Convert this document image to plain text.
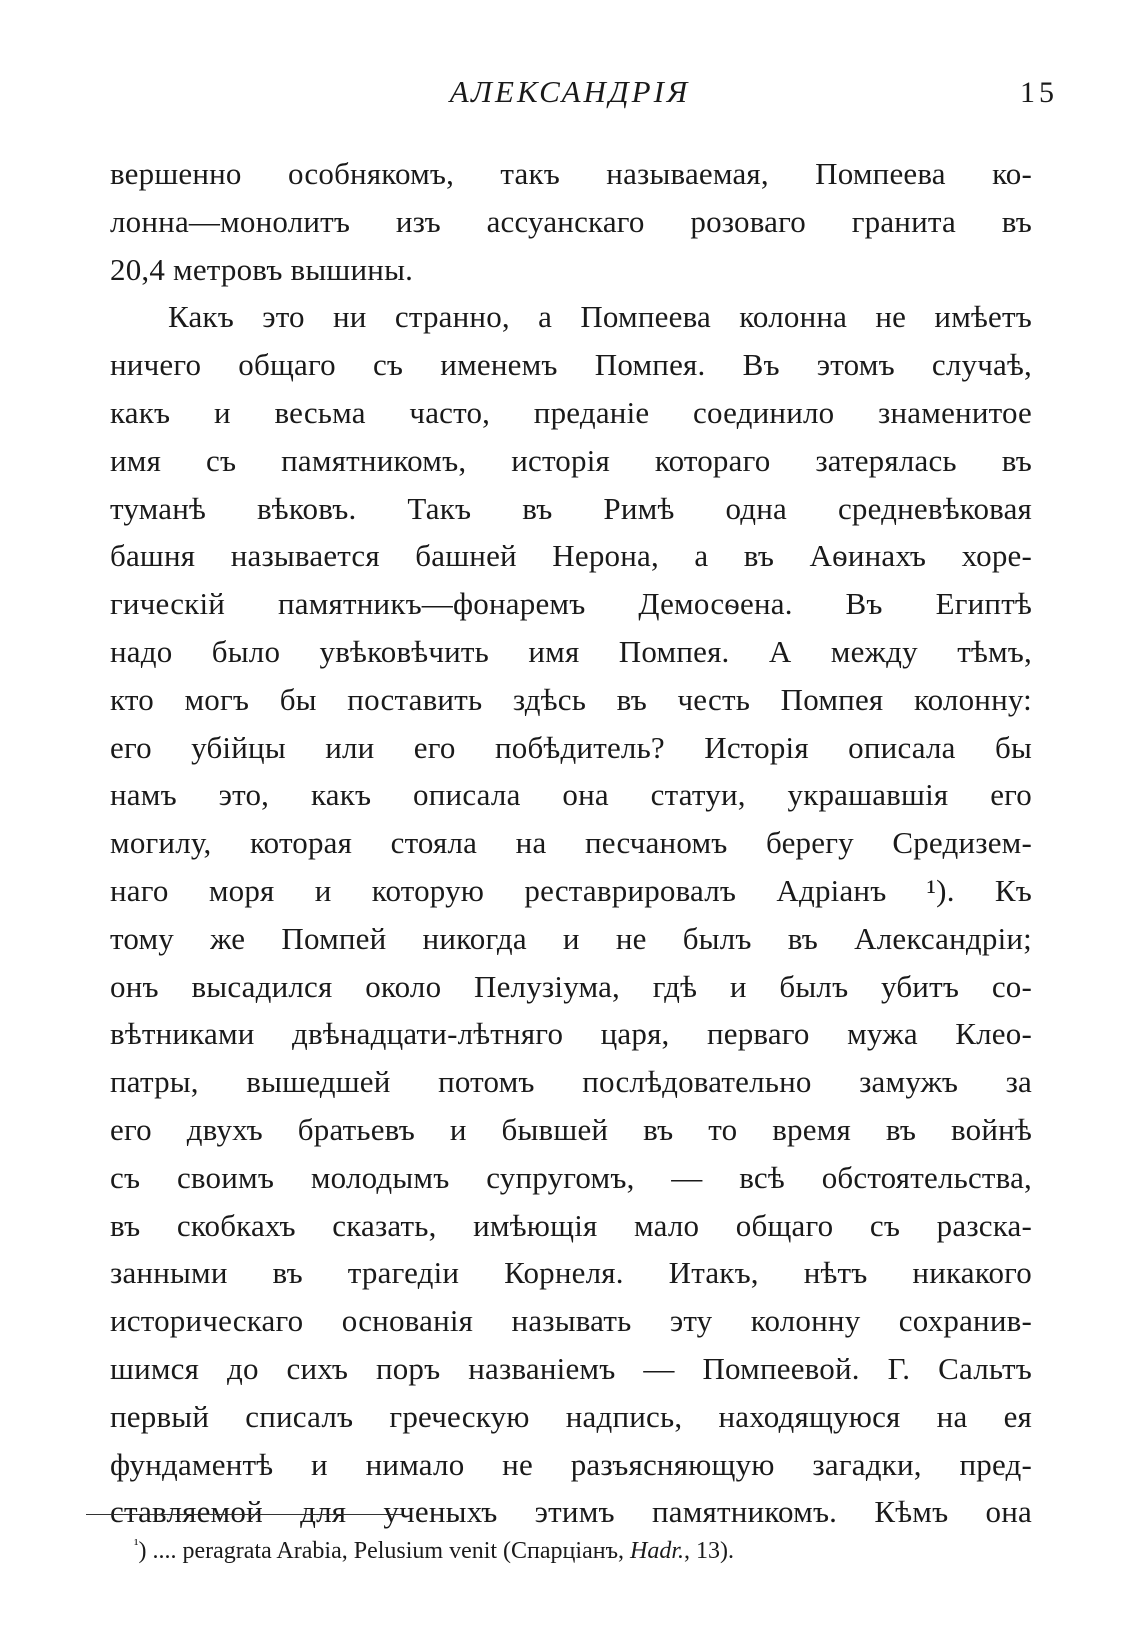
АЛЕКСАНДРІЯ	15
вершенно особнякомъ, такъ называемая, Помпеева ко-
лонна—монолитъ изъ ассуанскаго розоваго гранита въ
20,4 метровъ вышины.
Какъ это ни странно, а Помпеева колонна не имѣетъ
ничего общаго съ именемъ Помпея. Въ этомъ случаѣ,
какъ и весьма часто, преданіе соединило знаменитое
имя съ памятникомъ, исторія котораго затерялась въ
туманѣ вѣковъ. Такъ въ Римѣ одна средневѣковая
башня называется башней Нерона, а въ Аѳинахъ хоре-
гическій памятникъ—фонаремъ Демосѳена. Въ Египтѣ
надо было увѣковѣчить имя Помпея. А между тѣмъ,
кто могъ бы поставить здѣсь въ честь Помпея колонну:
его убійцы или его побѣдитель? Исторія описала бы
намъ это, какъ описала она статуи, украшавшія его
могилу, которая стояла на песчаномъ берегу Средизем-
наго моря и которую реставрировалъ Адріанъ ¹). Къ
тому же Помпей никогда и не былъ въ Александріи;
онъ высадился около Пелузіума, гдѣ и былъ убитъ со-
вѣтниками двѣнадцати-лѣтняго царя, перваго мужа Клео-
патры, вышедшей потомъ послѣдовательно замужъ за
его двухъ братьевъ и бывшей въ то время въ войнѣ
съ своимъ молодымъ супругомъ, — всѣ обстоятельства,
въ скобкахъ сказать, имѣющія мало общаго съ разска-
занными въ трагедіи Корнеля. Итакъ, нѣтъ никакого
историческаго основанія называть эту колонну сохранив-
шимся до сихъ поръ названіемъ — Помпеевой. Г. Сальтъ
первый списалъ греческую надпись, находящуюся на ея
фундаментѣ и нимало не разъясняющую загадки, пред-
ставляемой для ученыхъ этимъ памятникомъ. Кѣмъ она
$^{^1}$) .... peragrata Arabia, Pelusium venit (Спарціанъ, Hadr., 13).
